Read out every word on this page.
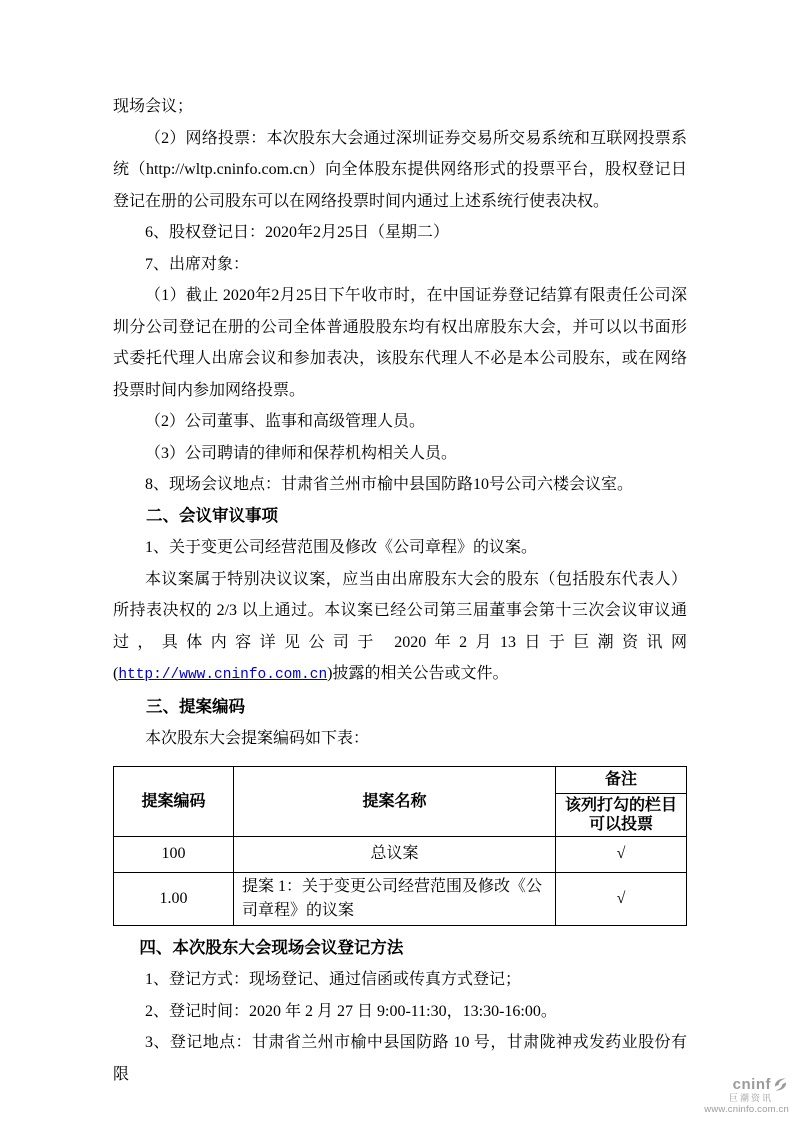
现场会议；

（2）网络投票：本次股东大会通过深圳证券交易所交易系统和互联网投票系统（http://wltp.cninfo.com.cn）向全体股东提供网络形式的投票平台，股权登记日登记在册的公司股东可以在网络投票时间内通过上述系统行使表决权。

6、股权登记日：2020年2月25日（星期二）

7、出席对象：

（1）截止 2020年2月25日下午收市时，在中国证券登记结算有限责任公司深圳分公司登记在册的公司全体普通股股东均有权出席股东大会，并可以以书面形式委托代理人出席会议和参加表决，该股东代理人不必是本公司股东，或在网络投票时间内参加网络投票。

（2）公司董事、监事和高级管理人员。

（3）公司聘请的律师和保荐机构相关人员。

8、现场会议地点：甘肃省兰州市榆中县国防路10号公司六楼会议室。

二、会议审议事项

1、关于变更公司经营范围及修改《公司章程》的议案。

本议案属于特别决议议案，应当由出席股东大会的股东（包括股东代表人）所持表决权的 2/3 以上通过。本议案已经公司第三届董事会第十三次会议审议通过，具体内容详见公司于 2020年2月13日于巨潮资讯网(http://www.cninfo.com.cn)披露的相关公告或文件。

三、提案编码

本次股东大会提案编码如下表：

提案编码	提案名称	备注
		该列打勾的栏目可以投票
100	总议案	√
1.00	提案 1：关于变更公司经营范围及修改《公司章程》的议案	√
四、本次股东大会现场会议登记方法

1、登记方式：现场登记、通过信函或传真方式登记；

2、登记时间：2020 年 2 月 27 日 9:00-11:30，13:30-16:00。

3、登记地点：甘肃省兰州市榆中县国防路 10 号，甘肃陇神戎发药业股份有限

cninf
巨潮资讯
www.cninfo.com.cn
